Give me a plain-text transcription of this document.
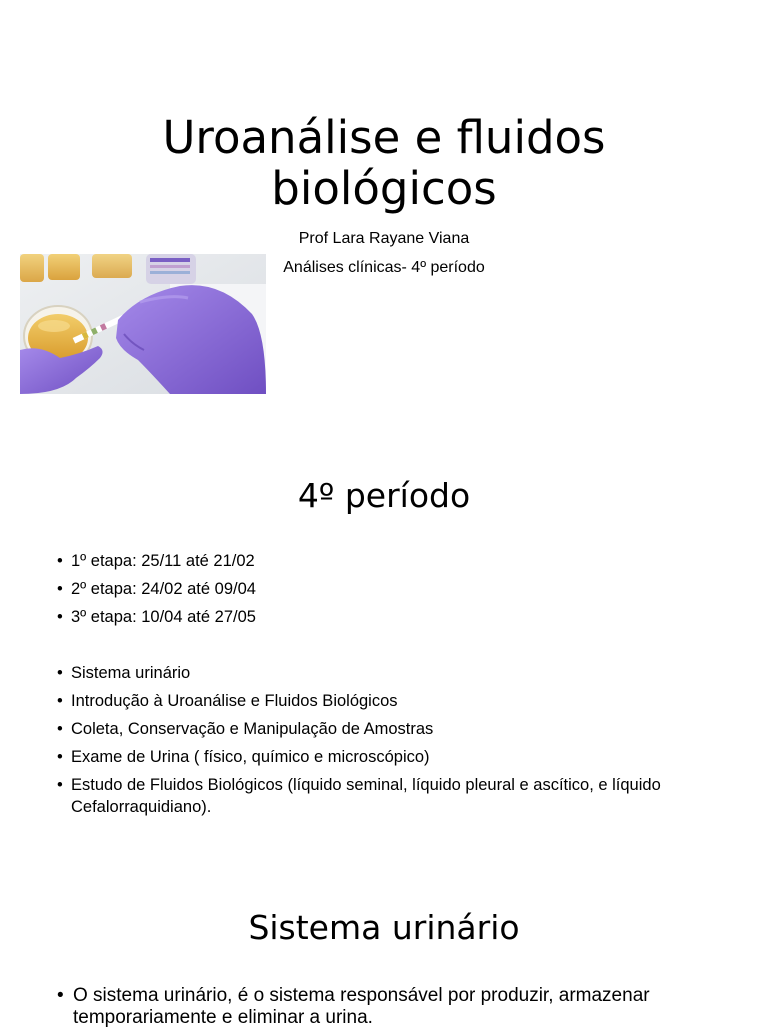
Uroanálise e fluidos
biológicos
Prof Lara Rayane Viana
Análises clínicas- 4º período
4º período
• 1º etapa: 25/11 até 21/02
• 2º etapa: 24/02 até 09/04
• 3º etapa: 10/04 até 27/05
• Sistema urinário
• Introdução à Uroanálise e Fluidos Biológicos
• Coleta, Conservação e Manipulação de Amostras
• Exame de Urina ( físico, químico e microscópico)
• Estudo de Fluidos Biológicos (líquido seminal, líquido pleural e ascítico, e líquido Cefalorraquidiano).
Sistema urinário
• O sistema urinário, é o sistema responsável por produzir, armazenar temporariamente e eliminar a urina.
